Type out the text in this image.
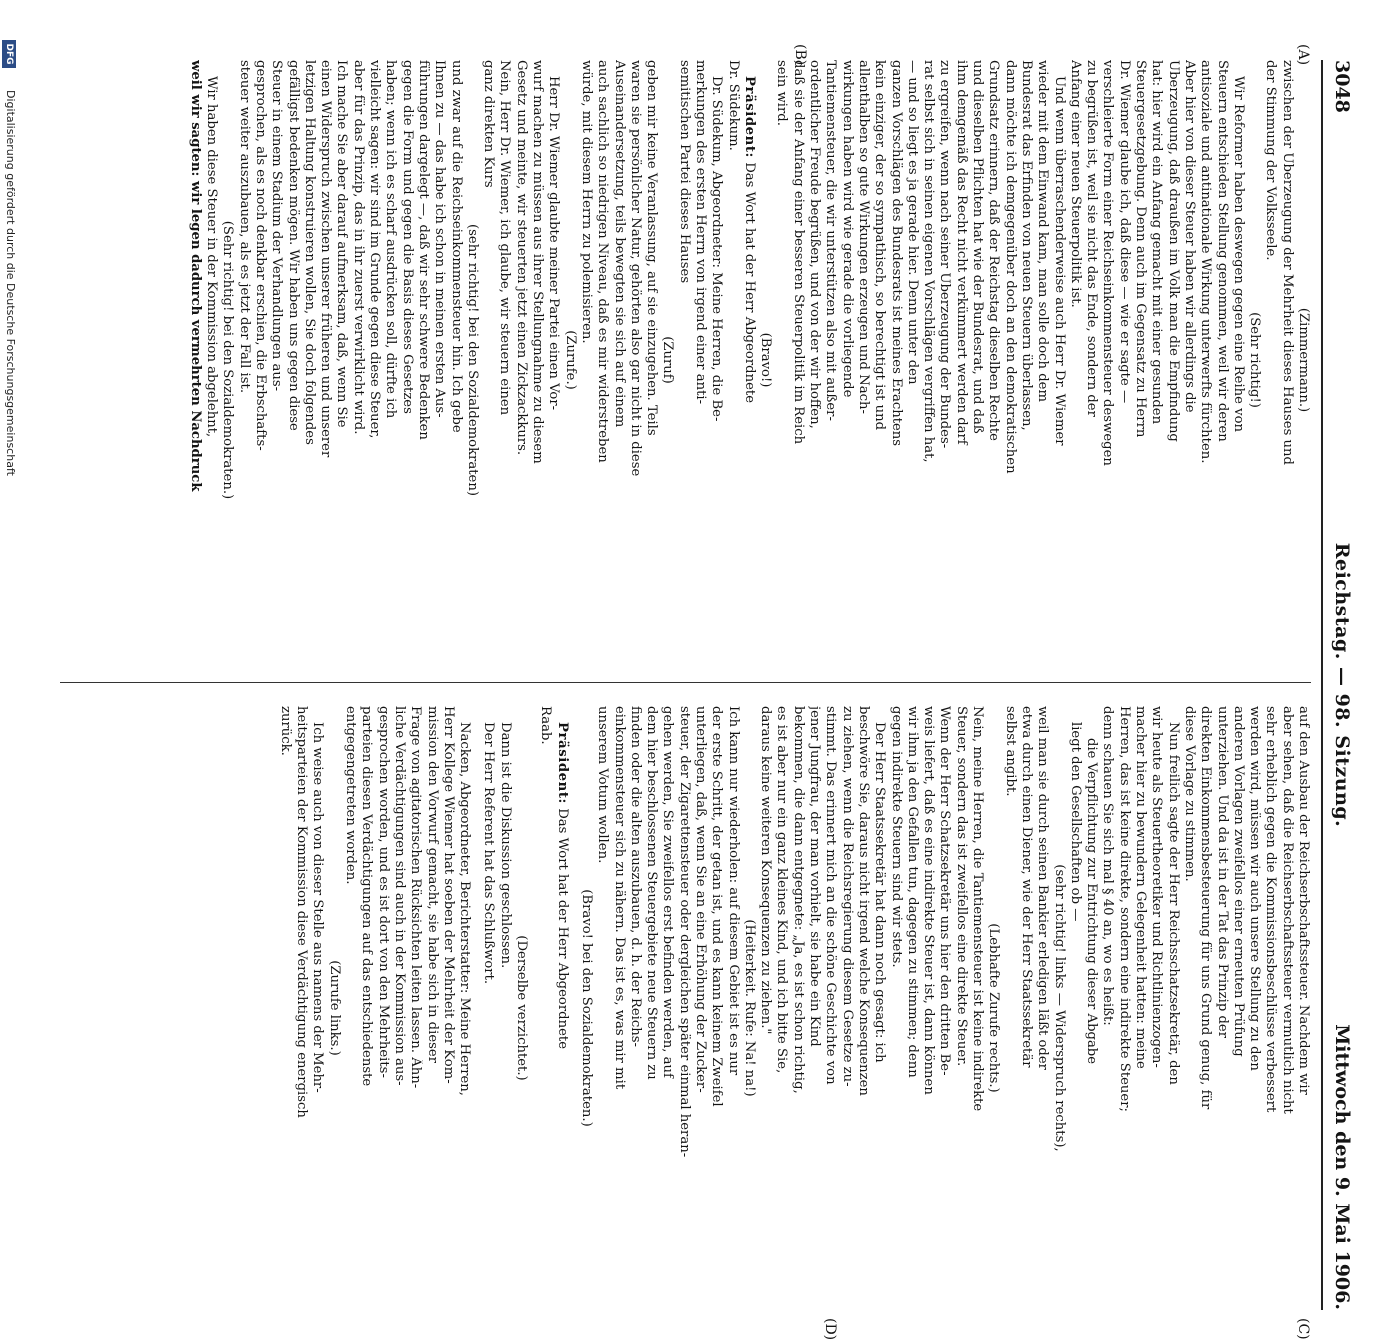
3048
Reichstag. — 98. Sitzung.
Mittwoch den 9. Mai 1906.
(A)
(B)
(C)
(D)
(Zimmermann.)
zwischen der Überzeugung der Mehrheit dieses Hauses und
der Stimmung der Volksseele.
(Sehr richtig!)
Wir Reformer haben deswegen gegen eine Reihe von
Steuern entschieden Stellung genommen, weil wir deren
antisoziale und antinationale Wirkung unterwerfts fürchten.
Aber hier von dieser Steuer haben wir allerdings die
Überzeugung, daß draußen im Volk man die Empfindung
hat: hier wird ein Anfang gemacht mit einer gesunden
Steuergesetzgebung. Denn auch im Gegensatz zu Herrn
Dr. Wiemer glaube ich, daß diese — wie er sagte —
verschleierte Form einer Reichseinkommensteuer deswegen
zu begrüßen ist, weil sie nicht das Ende, sondern der
Anfang einer neuen Steuerpolitik ist.
Und wenn überraschenderweise auch Herr Dr. Wiemer
wieder mit dem Einwand kam, man solle doch dem
Bundesrat das Erfinden von neuen Steuern überlassen,
dann möchte ich demgegenüber doch an den demokratischen
Grundsatz erinnern, daß der Reichstag dieselben Rechte
und dieselben Pflichten hat wie der Bundesrat, und daß
ihm demgemäß das Recht nicht verkümmert werden darf
zu ergreifen, wenn nach seiner Überzeugung der Bundes-
rat selbst sich in seinen eigenen Vorschlägen vergriffen hat,
— und so liegt es ja gerade hier. Denn unter den
ganzen Vorschlägen des Bundesrats ist meines Erachtens
kein einziger, der so sympathisch, so berechtigt ist und
allenthalben so gute Wirkungen erzeugen und Nach-
wirkungen haben wird wie gerade die vorliegende
Tantiemensteuer, die wir unterstützen also mit außer-
ordentlicher Freude begrüßen, und von der wir hoffen,
daß sie der Anfang einer besseren Steuerpolitik im Reich
sein wird.
(Bravo!)
Präsident: Das Wort hat der Herr Abgeordnete
Dr. Südekum.
Dr. Südekum, Abgeordneter: Meine Herren, die Be-
merkungen des ersten Herrn von irgend einer anti-
semitischen Partei dieses Hauses
(Zuruf)
geben mir keine Veranlassung, auf sie einzugehen. Teils
waren sie persönlicher Natur, gehörten also gar nicht in diese
Auseinandersetzung, teils bewegten sie sich auf einem
auch sachlich so niedrigen Niveau, daß es mir widerstreben
würde, mit diesem Herrn zu polemisieren.
(Zurufe.)
Herr Dr. Wiemer glaubte meiner Partei einen Vor-
wurf machen zu müssen aus ihrer Stellungnahme zu diesem
Gesetz und meinte, wir steuerten jetzt einen Zickzackkurs.
Nein, Herr Dr. Wiemer, ich glaube, wir steuern einen
ganz direkten Kurs
(sehr richtig! bei den Sozialdemokraten)
und zwar auf die Reichseinkommensteuer hin. Ich gebe
Ihnen zu — das habe ich schon in meinen ersten Aus-
führungen dargelegt —, daß wir sehr schwere Bedenken
gegen die Form und gegen die Basis dieses Gesetzes
haben; wenn ich es scharf ausdrücken soll, dürfte ich
vielleicht sagen: wir sind im Grunde gegen diese Steuer,
aber für das Prinzip, das in ihr zuerst verwirklicht wird.
Ich mache Sie aber darauf aufmerksam, daß, wenn Sie
einen Widerspruch zwischen unserer früheren und unserer
letzigen Haltung konstruieren wollen, Sie doch folgendes
gefälligst bedenken mögen. Wir haben uns gegen diese
Steuer in einem Stadium der Verhandlungen aus-
gesprochen, als es noch denkbar erschien, die Erbschafts-
steuer weiter auszubauen, als es jetzt der Fall ist.
(Sehr richtig! bei den Sozialdemokraten.)
Wir haben diese Steuer in der Kommission abgelehnt,
weil wir sagten: wir legen dadurch vermehrten Nachdruck
auf den Ausbau der Reichserbschaftssteuer. Nachdem wir
aber sehen, daß die Reichserbschaftssteuer vermutlich nicht
sehr erheblich gegen die Kommissionsbeschlüsse verbessert
werden wird, müssen wir auch unsere Stellung zu den
anderen Vorlagen zweifellos einer erneuten Prüfung
unterziehen. Und da ist in der Tat das Prinzip der
direkten Einkommensbesteuerung für uns Grund genug, für
diese Vorlage zu stimmen.
Nun freilich sagte der Herr Reichsschatzsekretär, den
wir heute als Steuertheoretiker und Richtlinienzogen-
macher hier zu bewundern Gelegenheit hatten: meine
Herren, das ist keine direkte, sondern eine indirekte Steuer;
denn schauen Sie sich mal § 40 an, wo es heißt:
die Verpflichtung zur Entrichtung dieser Abgabe
liegt den Gesellschaften ob —
(sehr richtig! links — Widerspruch rechts),
weil man sie durch seinen Bankier erledigen läßt oder
etwa durch einen Diener, wie der Herr Staatssekretär
selbst angibt.
(Lebhafte Zurufe rechts.)
Nein, meine Herren, die Tantiemensteuer ist keine indirekte
Steuer, sondern das ist zweifellos eine direkte Steuer.
Wenn der Herr Schatzsekretär uns hier den dritten Be-
weis liefert, daß es eine indirekte Steuer ist, dann können
wir ihm ja den Gefallen tun, dagegen zu stimmen; denn
gegen indirekte Steuern sind wir stets.
Der Herr Staatssekretär hat dann noch gesagt: ich
beschwöre Sie, daraus nicht irgend welche Konsequenzen
zu ziehen, wenn die Reichsregierung diesem Gesetze zu-
stimmt. Das erinnert mich an die schöne Geschichte von
jener Jungfrau, der man vorhielt, sie habe ein Kind
bekommen, die dann entgegnete: „Ja, es ist schon richtig,
es ist aber nur ein ganz kleines Kind, und ich bitte Sie,
daraus keine weiteren Konsequenzen zu ziehen."
(Heiterkeit. Rufe: Na! na!)
Ich kann nur wiederholen: auf diesem Gebiet ist es nur
der erste Schritt, der getan ist, und es kann keinem Zweifel
unterliegen, daß, wenn Sie an eine Erhöhung der Zucker-
steuer, der Zigarettensteuer oder dergleichen später einmal heran-
gehen werden, Sie zweifellos erst befinden werden, auf
dem hier beschlossenen Steuergebiete neue Steuern zu
finden oder die alten auszubauen, d. h. der Reichs-
einkommensteuer sich zu nähern. Das ist es, was mir mit
unserem Votum wollen.
(Bravo! bei den Sozialdemokraten.)
Präsident: Das Wort hat der Herr Abgeordnete
Raab.
(Derselbe verzichtet.)
Dann ist die Diskussion geschlossen.
Der Herr Referent hat das Schlußwort.
Nacken, Abgeordneter, Berichterstatter: Meine Herren,
Herr Kollege Wiemer hat soeben der Mehrheit der Kom-
mission den Vorwurf gemacht, sie habe sich in dieser
Frage von agitatorischen Rücksichten leiten lassen. Ähn-
liche Verdächtigungen sind auch in der Kommission aus-
gesprochen worden, und es ist dort von den Mehrheits-
parteien diesen Verdächtigungen auf das entschiedenste
entgegengetreten worden.
(Zurufe links.)
Ich weise auch von dieser Stelle aus namens der Mehr-
heitsparteien der Kommission diese Verdächtigung energisch
zurück.
DFG
Digitalisierung gefördert durch die Deutsche Forschungsgemeinschaft
